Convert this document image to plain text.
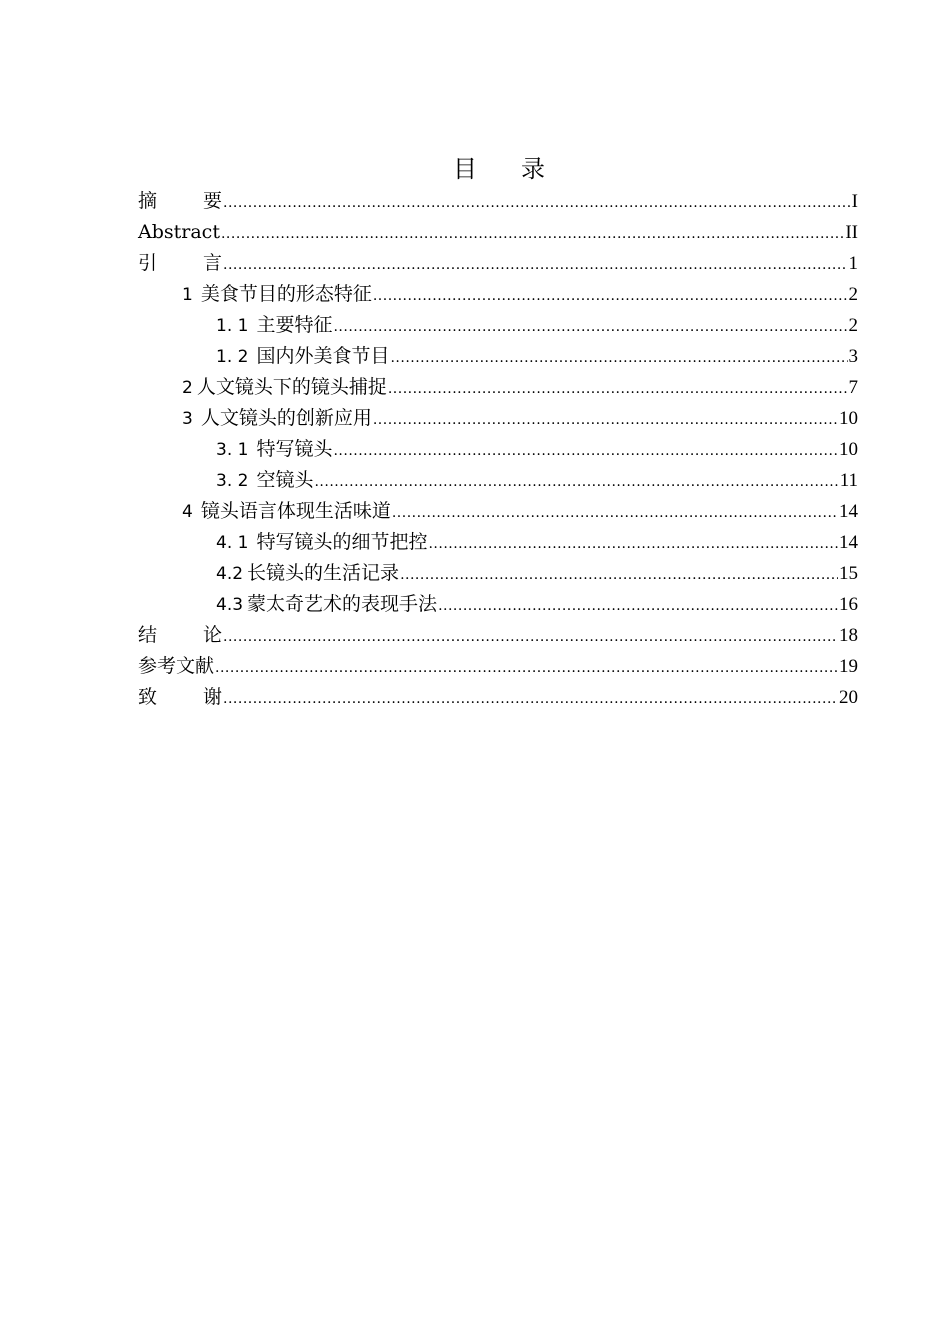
目 录
摘要 .....	I
Abstract .....	II
引言 .....	1
1 美食节目的形态特征 .....	2
1. 1 主要特征 .....	2
1. 2 国内外美食节目 .....	3
2 人文镜头下的镜头捕捉 .....	7
3 人文镜头的创新应用 .....	10
3. 1 特写镜头 .....	10
3. 2 空镜头 .....	11
4 镜头语言体现生活味道 .....	14
4. 1 特写镜头的细节把控 .....	14
4.2 长镜头的生活记录 .....	15
4.3 蒙太奇艺术的表现手法 .....	16
结论 .....	18
参考文献 .....	19
致谢 .....	20
